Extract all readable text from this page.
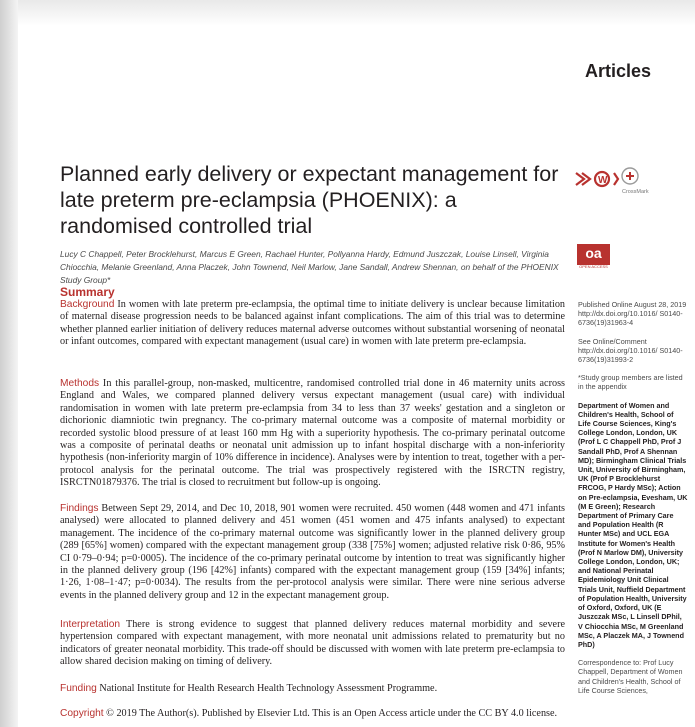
Articles
Planned early delivery or expectant management for late preterm pre-eclampsia (PHOENIX): a randomised controlled trial
W
CrossMark
Lucy C Chappell, Peter Brocklehurst, Marcus E Green, Rachael Hunter, Pollyanna Hardy, Edmund Juszczak, Louise Linsell, Virginia Chiocchia, Melanie Greenland, Anna Placzek, John Townend, Neil Marlow, Jane Sandall, Andrew Shennan, on behalf of the PHOENIX Study Group*
oa
OPEN ACCESS
Summary
Background In women with late preterm pre-eclampsia, the optimal time to initiate delivery is unclear because limitation of maternal disease progression needs to be balanced against infant complications. The aim of this trial was to determine whether planned earlier initiation of delivery reduces maternal adverse outcomes without substantial worsening of neonatal or infant outcomes, compared with expectant management (usual care) in women with late preterm pre-eclampsia.
Methods In this parallel-group, non-masked, multicentre, randomised controlled trial done in 46 maternity units across England and Wales, we compared planned delivery versus expectant management (usual care) with individual randomisation in women with late preterm pre-eclampsia from 34 to less than 37 weeks' gestation and a singleton or dichorionic diamniotic twin pregnancy. The co-primary maternal outcome was a composite of maternal morbidity or recorded systolic blood pressure of at least 160 mm Hg with a superiority hypothesis. The co-primary perinatal outcome was a composite of perinatal deaths or neonatal unit admission up to infant hospital discharge with a non-inferiority hypothesis (non-inferiority margin of 10% difference in incidence). Analyses were by intention to treat, together with a per-protocol analysis for the perinatal outcome. The trial was prospectively registered with the ISRCTN registry, ISRCTN01879376. The trial is closed to recruitment but follow-up is ongoing.
Findings Between Sept 29, 2014, and Dec 10, 2018, 901 women were recruited. 450 women (448 women and 471 infants analysed) were allocated to planned delivery and 451 women (451 women and 475 infants analysed) to expectant management. The incidence of the co-primary maternal outcome was significantly lower in the planned delivery group (289 [65%] women) compared with the expectant management group (338 [75%] women; adjusted relative risk 0·86, 95% CI 0·79–0·94; p=0·0005). The incidence of the co-primary perinatal outcome by intention to treat was significantly higher in the planned delivery group (196 [42%] infants) compared with the expectant management group (159 [34%] infants; 1·26, 1·08–1·47; p=0·0034). The results from the per-protocol analysis were similar. There were nine serious adverse events in the planned delivery group and 12 in the expectant management group.
Interpretation There is strong evidence to suggest that planned delivery reduces maternal morbidity and severe hypertension compared with expectant management, with more neonatal unit admissions related to prematurity but no indicators of greater neonatal morbidity. This trade-off should be discussed with women with late preterm pre-eclampsia to allow shared decision making on timing of delivery.
Funding National Institute for Health Research Health Technology Assessment Programme.
Copyright © 2019 The Author(s). Published by Elsevier Ltd. This is an Open Access article under the CC BY 4.0 license.
Published Online August 28, 2019 http://dx.doi.org/10.1016/ S0140-6736(19)31963-4
See Online/Comment http://dx.doi.org/10.1016/ S0140-6736(19)31993-2
*Study group members are listed in the appendix
Department of Women and Children's Health, School of Life Course Sciences, King's College London, London, UK (Prof L C Chappell PhD, Prof J Sandall PhD, Prof A Shennan MD); Birmingham Clinical Trials Unit, University of Birmingham, UK (Prof P Brocklehurst FRCOG, P Hardy MSc); Action on Pre-eclampsia, Evesham, UK (M E Green); Research Department of Primary Care and Population Health (R Hunter MSc) and UCL EGA Institute for Women's Health (Prof N Marlow DM), University College London, London, UK; and National Perinatal Epidemiology Unit Clinical Trials Unit, Nuffield Department of Population Health, University of Oxford, Oxford, UK (E Juszczak MSc, L Linsell DPhil, V Chiocchia MSc, M Greenland MSc, A Placzek MA, J Townend PhD)
Correspondence to: Prof Lucy Chappell, Department of Women and Children's Health, School of Life Course Sciences,
